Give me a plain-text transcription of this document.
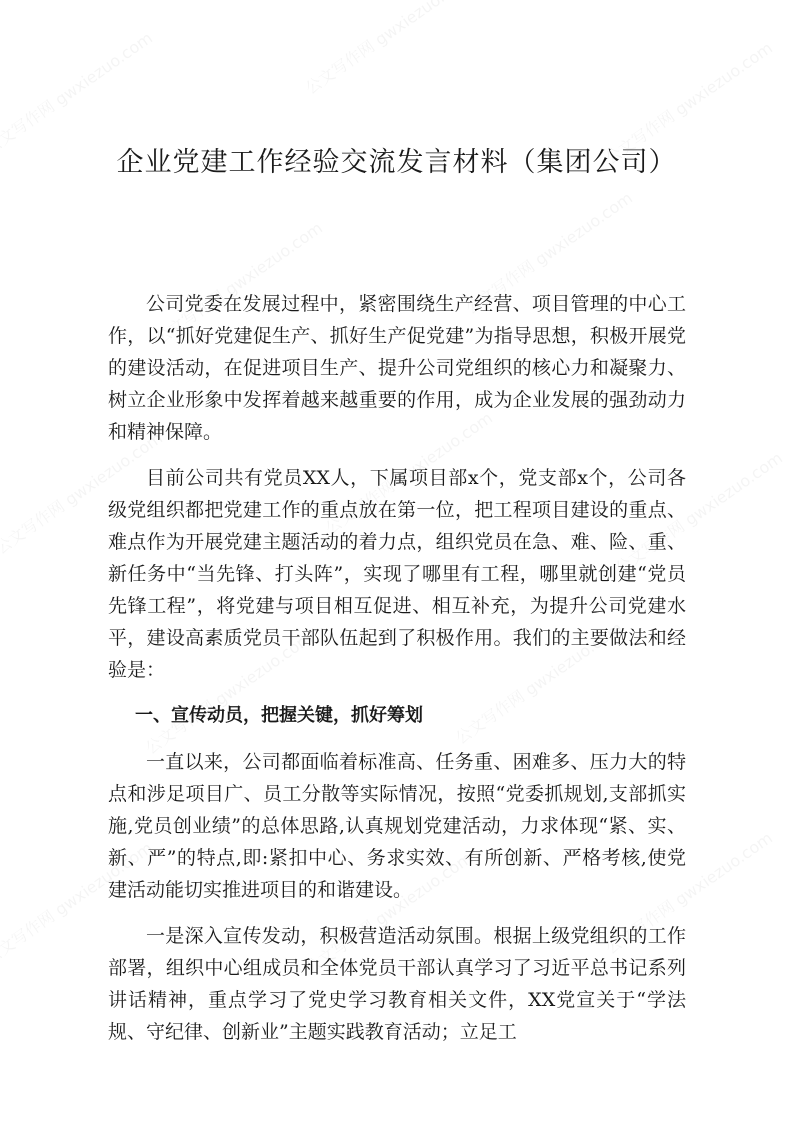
企业党建工作经验交流发言材料（集团公司）

公司党委在发展过程中，紧密围绕生产经营、项目管理的中心工作，以“抓好党建促生产、抓好生产促党建”为指导思想，积极开展党的建设活动，在促进项目生产、提升公司党组织的核心力和凝聚力、树立企业形象中发挥着越来越重要的作用，成为企业发展的强劲动力和精神保障。

目前公司共有党员XX人，下属项目部x个，党支部x个，公司各级党组织都把党建工作的重点放在第一位，把工程项目建设的重点、难点作为开展党建主题活动的着力点，组织党员在急、难、险、重、新任务中“当先锋、打头阵”，实现了哪里有工程，哪里就创建“党员先锋工程”，将党建与项目相互促进、相互补充，为提升公司党建水平，建设高素质党员干部队伍起到了积极作用。我们的主要做法和经验是：

一、宣传动员，把握关键，抓好筹划

一直以来，公司都面临着标准高、任务重、困难多、压力大的特点和涉足项目广、员工分散等实际情况，按照“党委抓规划,支部抓实施,党员创业绩”的总体思路,认真规划党建活动，力求体现“紧、实、新、严”的特点,即:紧扣中心、务求实效、有所创新、严格考核,使党建活动能切实推进项目的和谐建设。

一是深入宣传发动，积极营造活动氛围。根据上级党组织的工作部署，组织中心组成员和全体党员干部认真学习了习近平总书记系列讲话精神，重点学习了党史学习教育相关文件，XX党宣关于“学法规、守纪律、创新业”主题实践教育活动；立足工
